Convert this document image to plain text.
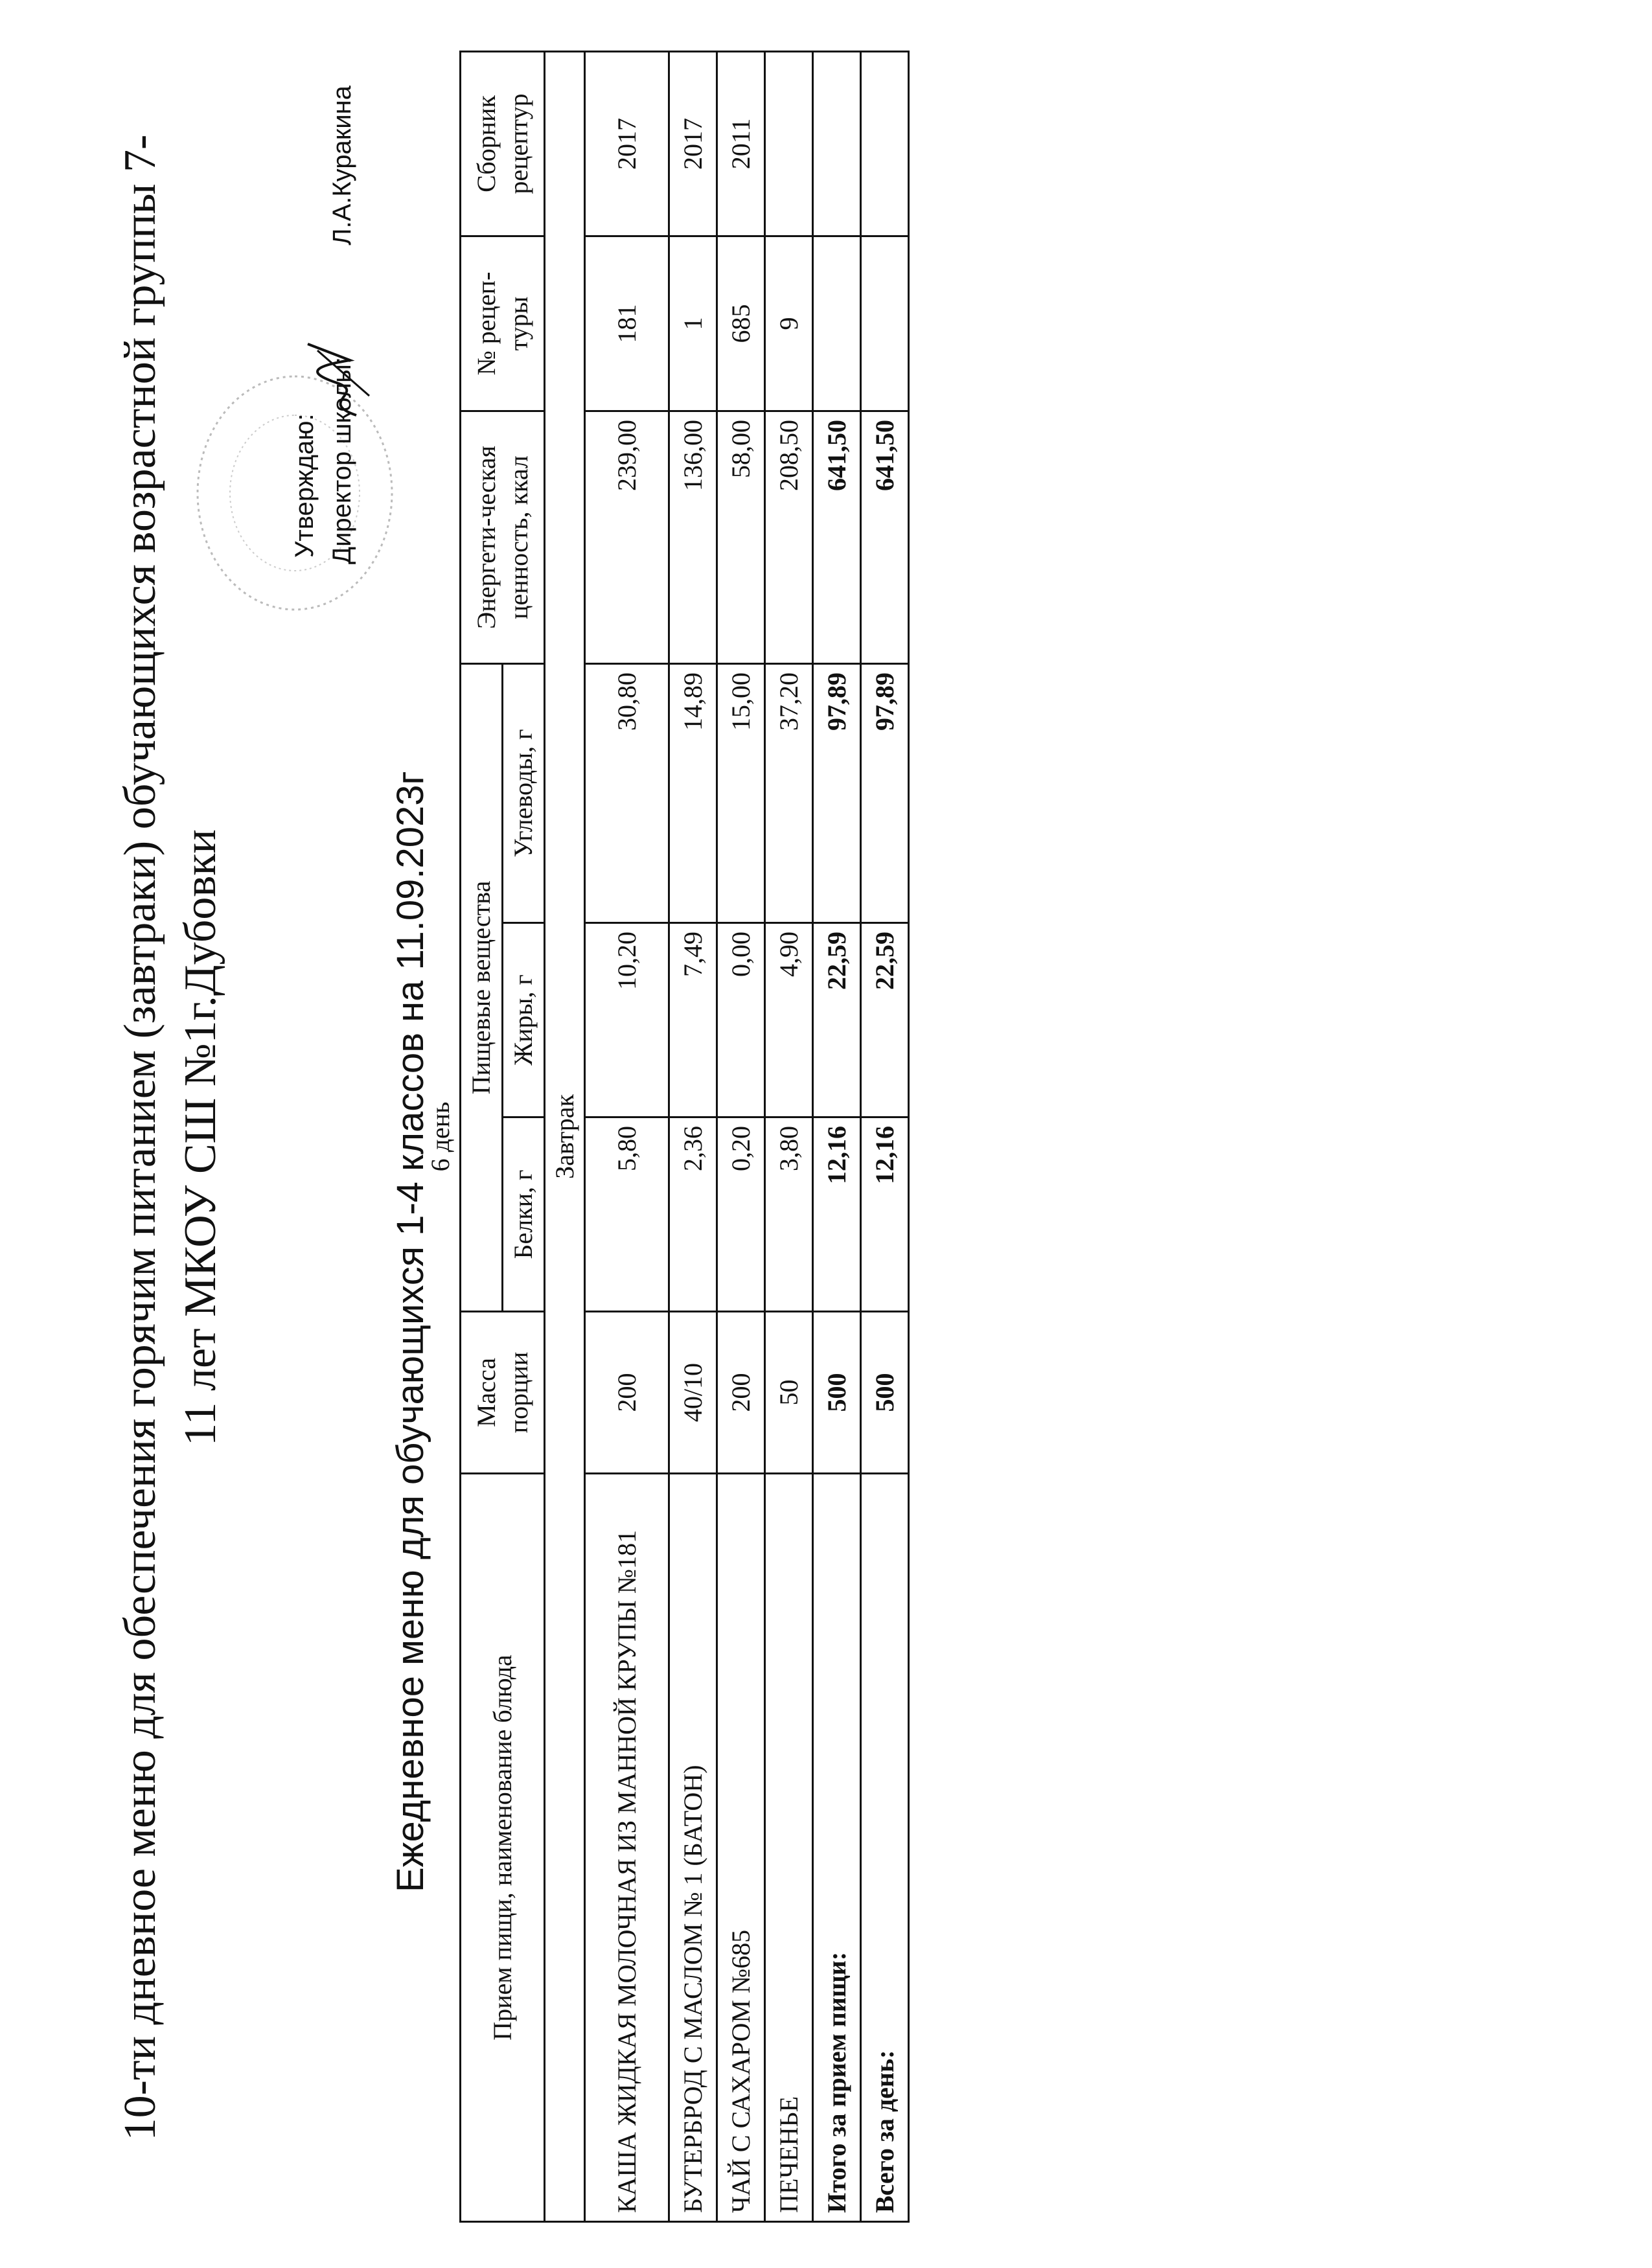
10-ти дневное меню для обеспечения горячим питанием (завтраки) обучающихся возрастной группы 7- 11 лет МКОУ СШ №1г.Дубовки
Утверждаю: Директор школы:  Л.А.Куракина
Ежедневное меню для обучающихся 1-4 классов на 11.09.2023г
6 день							
Прием пищи, наименование блюда	Масса порции	Пищевые вещества			Энергети-ческая ценность, ккал	№ рецеп-туры	Сборник рецептур
		Белки, г	Жиры, г	Углеводы, г			
Завтрак							
КАША ЖИДКАЯ МОЛОЧНАЯ ИЗ МАННОЙ КРУПЫ №181	200	5,80	10,20	30,80	239,00	181	2017
БУТЕРБРОД С МАСЛОМ № 1 (БАТОН)	40/10	2,36	7,49	14,89	136,00	1	2017
ЧАЙ С САХАРОМ №685	200	0,20	0,00	15,00	58,00	685	2011
ПЕЧЕНЬЕ	50	3,80	4,90	37,20	208,50	9	
Итого за прием пищи:	500	12,16	22,59	97,89	641,50		
Всего за день:	500	12,16	22,59	97,89	641,50		
